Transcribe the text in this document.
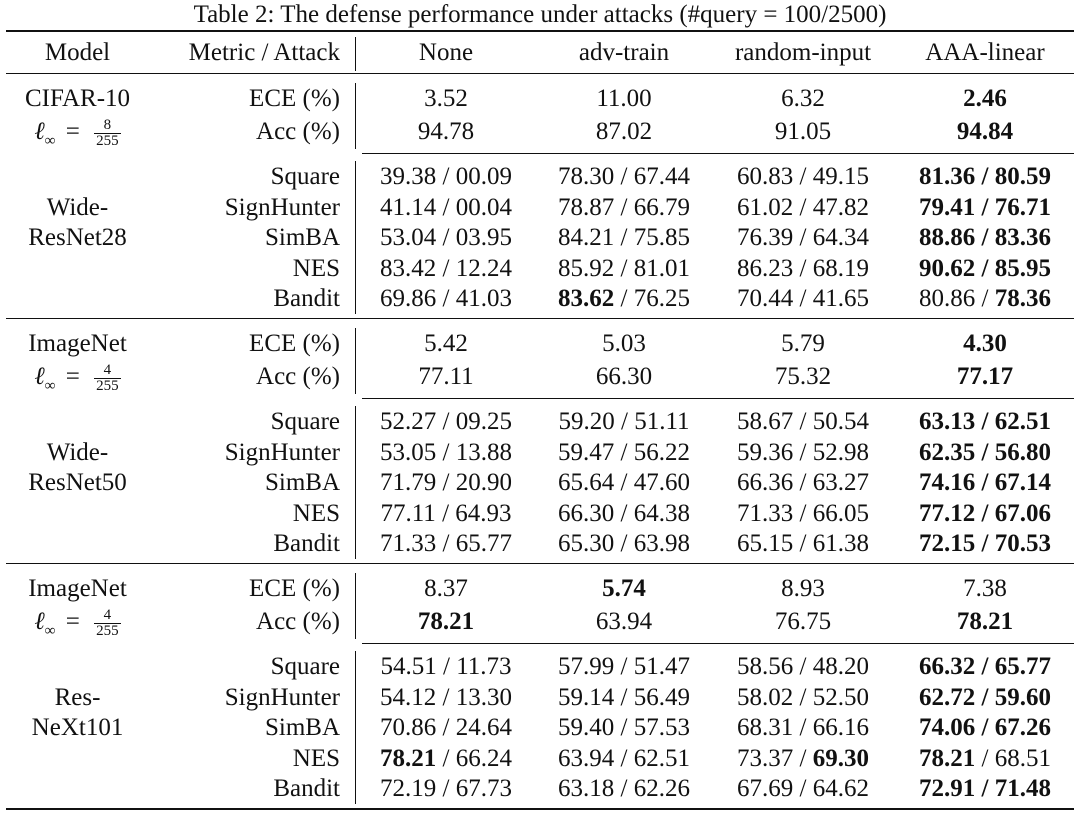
Table 2: The defense performance under attacks (#query = 100/2500)
Model	Metric / Attack	None	adv-train	random-input	AAA-linear
CIFAR-10
ℓ$_\infty$ = $\frac{8}{255}$
ECE (%)	3.52	11.00	6.32	2.46
Acc (%)	94.78	87.02	91.05	94.84
Square	39.38 / 00.09	78.30 / 67.44	60.83 / 49.15	81.36 / 80.59
SignHunter	41.14 / 00.04	78.87 / 66.79	61.02 / 47.82	79.41 / 76.71
SimBA	53.04 / 03.95	84.21 / 75.85	76.39 / 64.34	88.86 / 83.36
NES	83.42 / 12.24	85.92 / 81.01	86.23 / 68.19	90.62 / 85.95
Bandit	69.86 / 41.03	83.62 / 76.25	70.44 / 41.65	80.86 / 78.36
Wide-
ResNet28
ImageNet
ℓ$_\infty$ = $\frac{4}{255}$
ECE (%)	5.42	5.03	5.79	4.30
Acc (%)	77.11	66.30	75.32	77.17
Square	52.27 / 09.25	59.20 / 51.11	58.67 / 50.54	63.13 / 62.51
SignHunter	53.05 / 13.88	59.47 / 56.22	59.36 / 52.98	62.35 / 56.80
SimBA	71.79 / 20.90	65.64 / 47.60	66.36 / 63.27	74.16 / 67.14
NES	77.11 / 64.93	66.30 / 64.38	71.33 / 66.05	77.12 / 67.06
Bandit	71.33 / 65.77	65.30 / 63.98	65.15 / 61.38	72.15 / 70.53
Wide-
ResNet50
ImageNet
ℓ$_\infty$ = $\frac{4}{255}$
ECE (%)	8.37	5.74	8.93	7.38
Acc (%)	78.21	63.94	76.75	78.21
Square	54.51 / 11.73	57.99 / 51.47	58.56 / 48.20	66.32 / 65.77
SignHunter	54.12 / 13.30	59.14 / 56.49	58.02 / 52.50	62.72 / 59.60
SimBA	70.86 / 24.64	59.40 / 57.53	68.31 / 66.16	74.06 / 67.26
NES	78.21 / 66.24	63.94 / 62.51	73.37 / 69.30	78.21 / 68.51
Bandit	72.19 / 67.73	63.18 / 62.26	67.69 / 64.62	72.91 / 71.48
Res-
NeXt101
